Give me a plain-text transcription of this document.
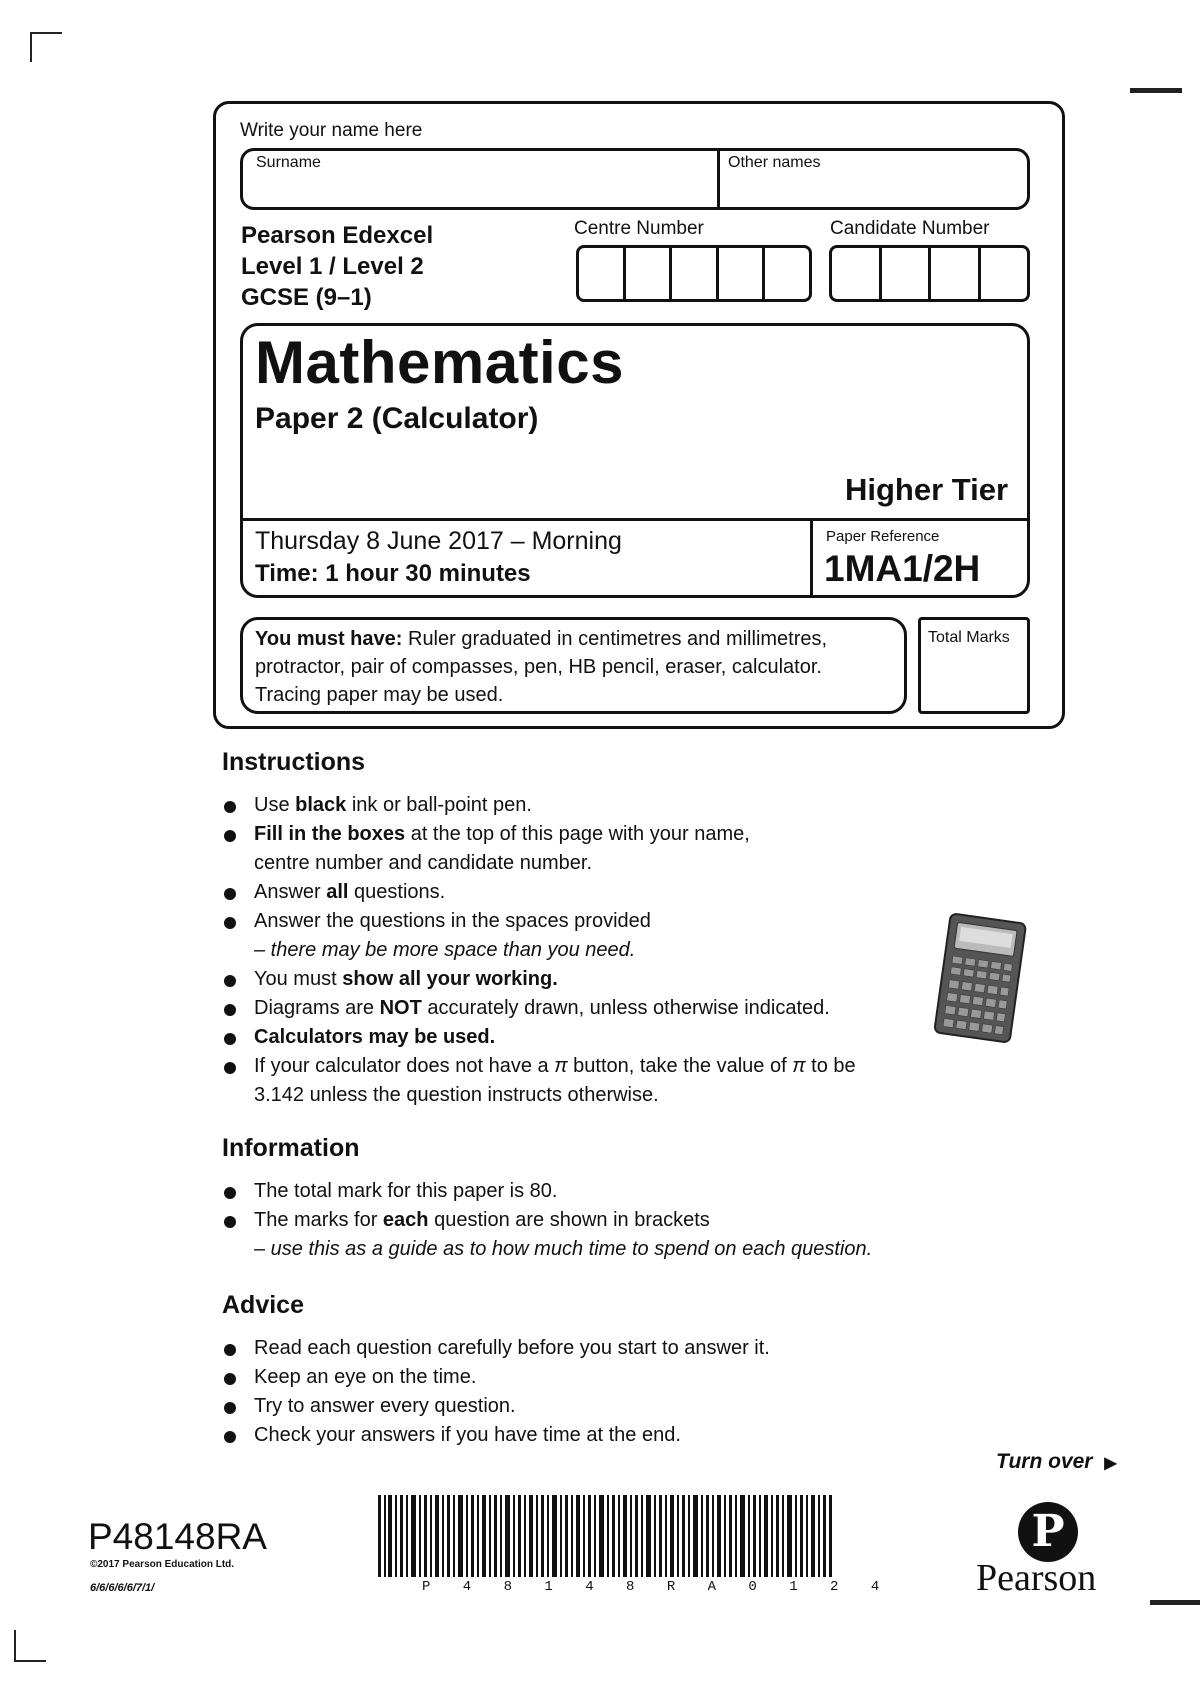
Write your name here
Surname	Other names
Pearson Edexcel
Level 1 / Level 2
GCSE (9–1)
Centre Number	Candidate Number
Mathematics
Paper 2 (Calculator)
Higher Tier
Thursday 8 June 2017 – Morning
Time: 1 hour 30 minutes
Paper Reference
1MA1/2H
You must have: Ruler graduated in centimetres and millimetres,
protractor, pair of compasses, pen, HB pencil, eraser, calculator.
Tracing paper may be used.
Total Marks
Instructions
Use black ink or ball-point pen.
Fill in the boxes at the top of this page with your name,
centre number and candidate number.
Answer all questions.
Answer the questions in the spaces provided
– there may be more space than you need.
You must show all your working.
Diagrams are NOT accurately drawn, unless otherwise indicated.
Calculators may be used.
If your calculator does not have a π button, take the value of π to be
3.142 unless the question instructs otherwise.
Information
The total mark for this paper is 80.
The marks for each question are shown in brackets
– use this as a guide as to how much time to spend on each question.
Advice
Read each question carefully before you start to answer it.
Keep an eye on the time.
Try to answer every question.
Check your answers if you have time at the end.
Turn over ▶
P48148RA
©2017 Pearson Education Ltd.
6/6/6/6/6/7/1/	P 4 8 1 4 8 R A 0 1 2 4
P
Pearson
